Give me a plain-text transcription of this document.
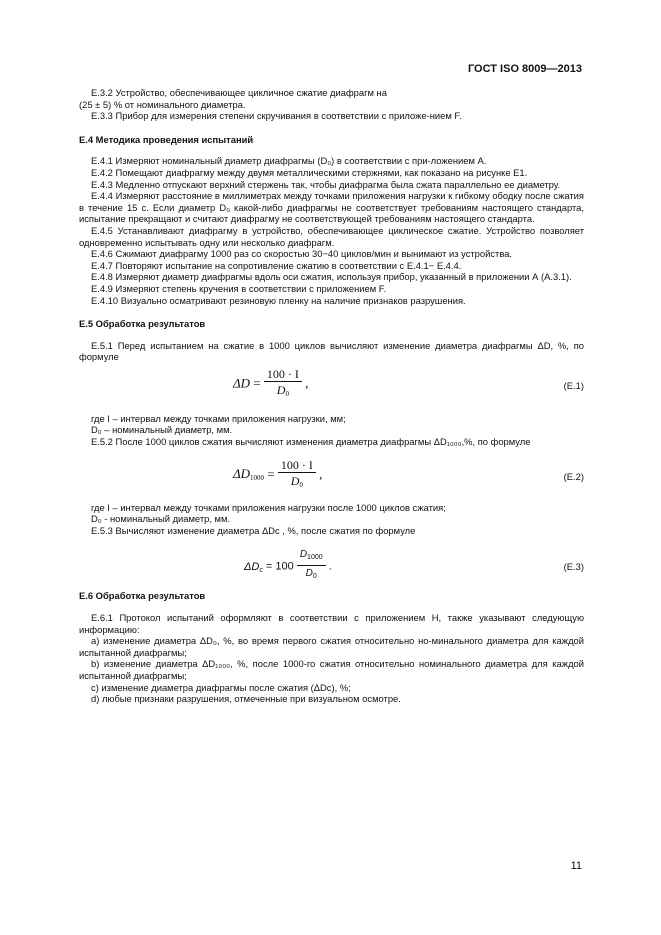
ГОСТ ISO 8009—2013

Е.3.2 Устройство, обеспечивающее цикличное сжатие диафрагм на

(25 ± 5) % от номинального диаметра.

Е.3.3 Прибор для измерения степени скручивания в соответствии с приложе-нием F.

Е.4 Методика проведения испытаний

Е.4.1 Измеряют номинальный диаметр диафрагмы (D₀) в соответствии с при-ложением А.

Е.4.2 Помещают диафрагму между двумя металлическими стержнями, как показано на рисунке Е1.

Е.4.3 Медленно отпускают верхний стержень так, чтобы диафрагма была сжата параллельно ее диаметру.

Е.4.4 Измеряют расстояние в миллиметрах между точками приложения нагрузки к гибкому ободку после сжатия в течение 15 с. Если диаметр D₀ какой-либо диафрагмы не соответствует требованиям настоящего стандарта, испытание прекращают и считают диафрагму не соответствующей требованиям настоящего стандарта.

Е.4.5 Устанавливают диафрагму в устройство, обеспечивающее циклическое сжатие. Устройство позволяет одновременно испытывать одну или несколько диафрагм.

Е.4.6 Сжимают диафрагму 1000 раз со скоростью 30−40 циклов/мин и вынимают из устройства.

Е.4.7 Повторяют испытание на сопротивление сжатию в соответствии с Е.4.1− Е.4.4.

Е.4.8 Измеряют диаметр диафрагмы вдоль оси сжатия, используя прибор, указанный в приложении А (А.3.1).

Е.4.9 Измеряют степень кручения в соответствии с приложением F.

Е.4.10 Визуально осматривают резиновую пленку на наличие признаков разрушения.

Е.5 Обработка результатов

Е.5.1 Перед испытанием на сжатие в 1000 циклов вычисляют изменение диаметра диафрагмы ΔD, %, по формуле

$\Delta D = \frac{100 \cdot I}{D_0}$ ,	(Е.1)

где I – интервал между точками приложения нагрузки, мм;

D₀ – номинальный диаметр, мм.

Е.5.2 После 1000 циклов сжатия вычисляют изменения диаметра диафрагмы ΔD₁₀₀₀,%, по формуле

$\Delta D_{1000} = \frac{100 \cdot I}{D_0}$ ,	(Е.2)

где I – интервал между точками приложения нагрузки после 1000 циклов сжатия;

D₀ - номинальный диаметр, мм.

Е.5.3 Вычисляют изменение диаметра ΔDc , %, после сжатия по формуле

$\Delta D_c = 100 \frac{D_{1000}}{D_0}$ .	(Е.3)
Е.6 Обработка результатов

Е.6.1 Протокол испытаний оформляют в соответствии с приложением Н, также указывают следующую информацию:

а) изменение диаметра ΔD₀, %, во время первого сжатия относительно но-минального диаметра для каждой испытанной диафрагмы;

b) изменение диаметра ΔD₁₀₀₀, %, после 1000-го сжатия относительно номинального диаметра для каждой испытанной диафрагмы;

с) изменение диаметра диафрагмы после сжатия (ΔDc), %;

d) любые признаки разрушения, отмеченные при визуальном осмотре.

11
